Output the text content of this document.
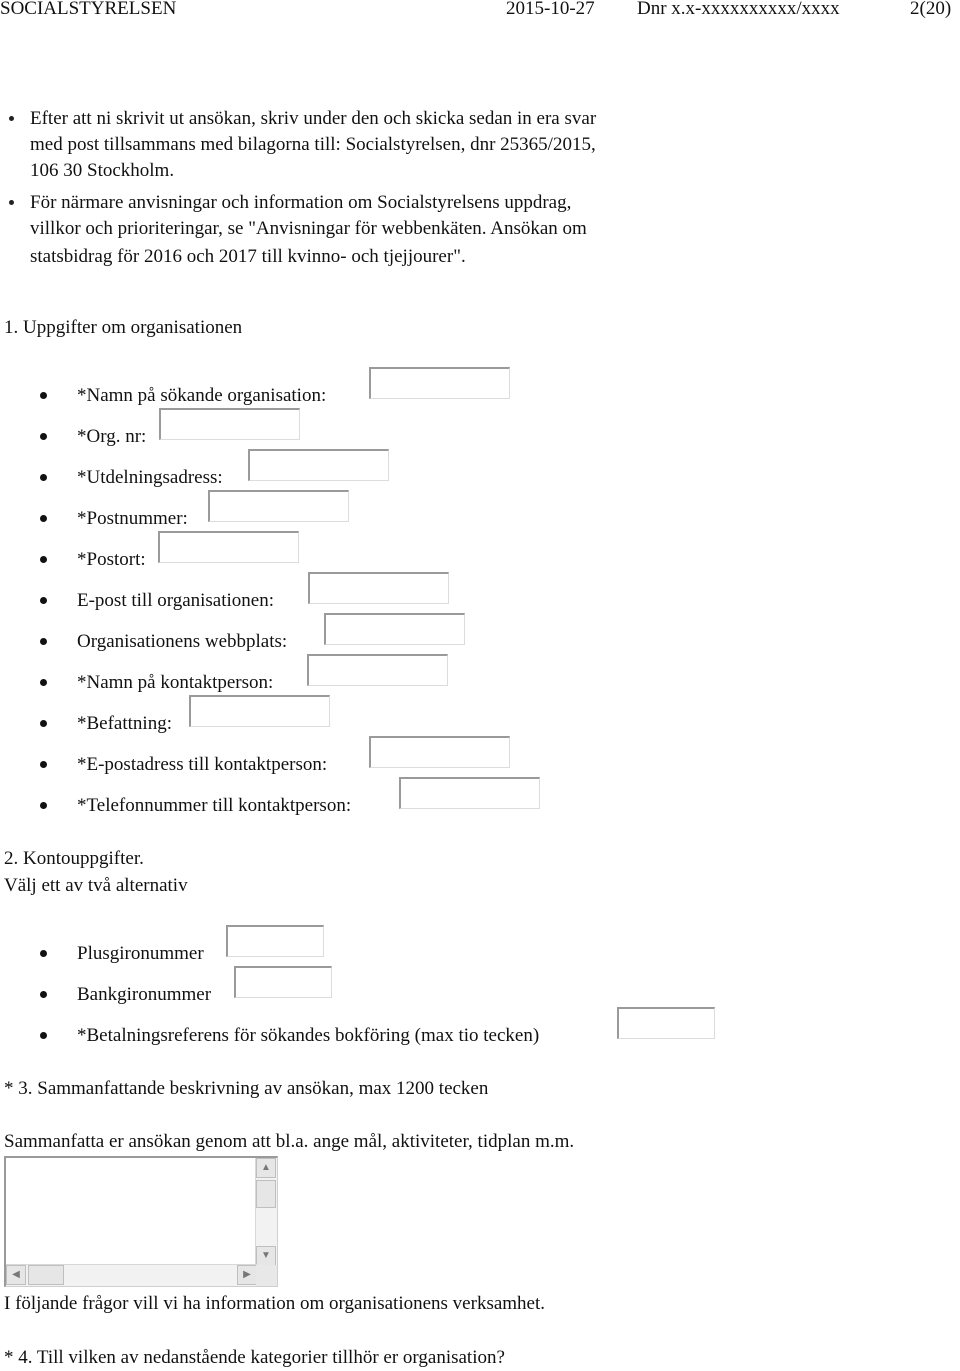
SOCIALSTYRELSEN	2015-10-27 Dnr x.x-xxxxxxxxxx/xxxx	2(20)
Efter att ni skrivit ut ansökan, skriv under den och skicka sedan in era svar
med post tillsammans med bilagorna till: Socialstyrelsen, dnr 25365/2015,
106 30 Stockholm.
För närmare anvisningar och information om Socialstyrelsens uppdrag,
villkor och prioriteringar, se "Anvisningar för webbenkäten. Ansökan om
statsbidrag för 2016 och 2017 till kvinno- och tjejjourer".
1. Uppgifter om organisationen
*Namn på sökande organisation:
*Org. nr:
*Utdelningsadress:
*Postnummer:
*Postort:
E-post till organisationen:
Organisationens webbplats:
*Namn på kontaktperson:
*Befattning:
*E-postadress till kontaktperson:
*Telefonnummer till kontaktperson:
2. Kontouppgifter.
Välj ett av två alternativ
Plusgironummer
Bankgironummer
*Betalningsreferens för sökandes bokföring (max tio tecken)
* 3. Sammanfattande beskrivning av ansökan, max 1200 tecken
Sammanfatta er ansökan genom att bl.a. ange mål, aktiviteter, tidplan m.m.
▲
▼
◀	▶
I följande frågor vill vi ha information om organisationens verksamhet.
* 4. Till vilken av nedanstående kategorier tillhör er organisation?
